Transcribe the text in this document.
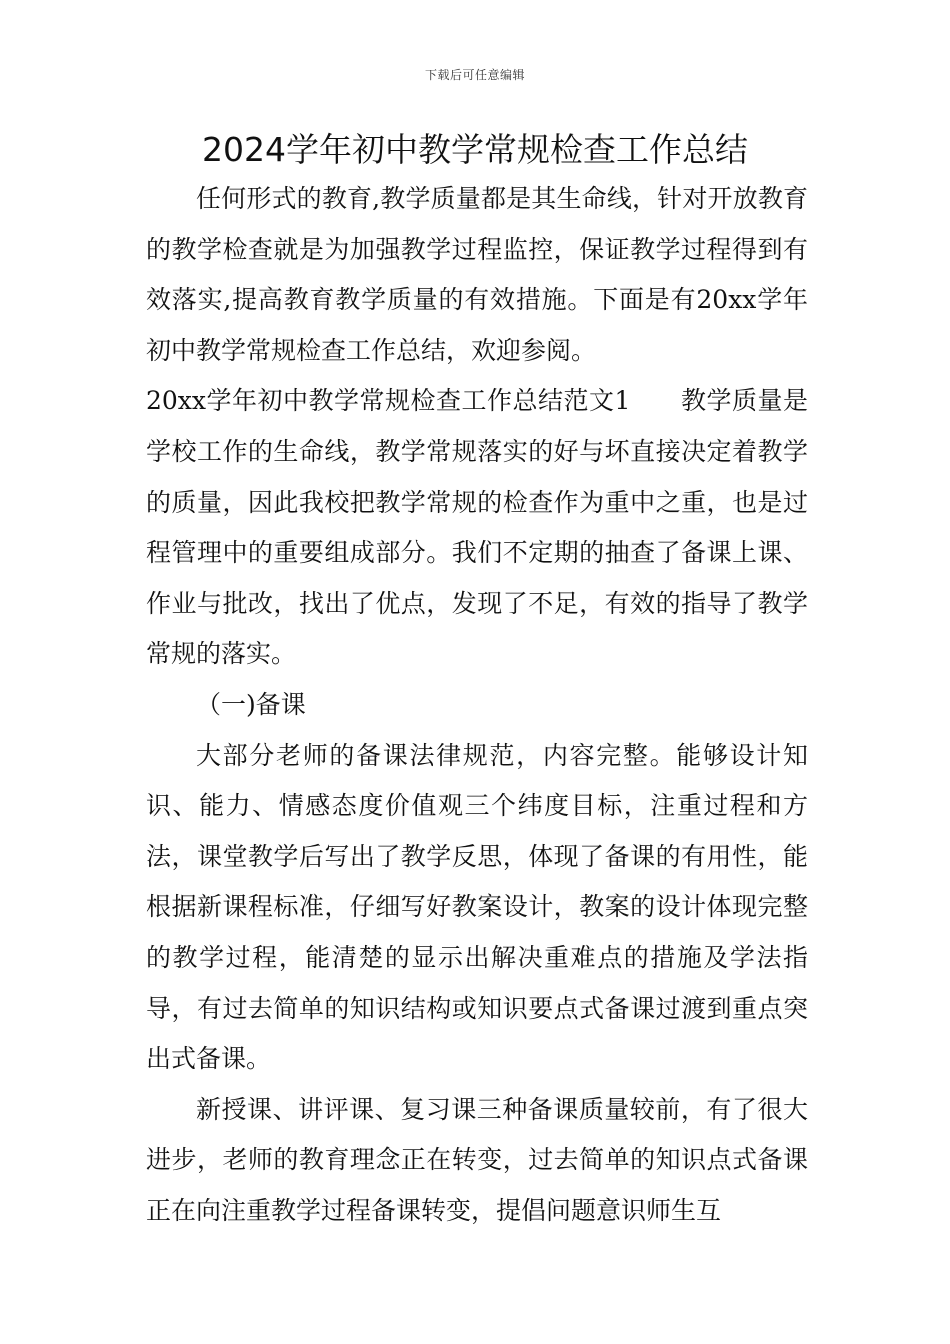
下载后可任意编辑
2024学年初中教学常规检查工作总结

任何形式的教育,教学质量都是其生命线，针对开放教育的教学检查就是为加强教学过程监控，保证教学过程得到有效落实,提高教育教学质量的有效措施。下面是有20xx学年初中教学常规检查工作总结，欢迎参阅。

20xx学年初中教学常规检查工作总结范文1 教学质量是学校工作的生命线，教学常规落实的好与坏直接决定着教学的质量，因此我校把教学常规的检查作为重中之重，也是过程管理中的重要组成部分。我们不定期的抽查了备课上课、作业与批改，找出了优点，发现了不足，有效的指导了教学常规的落实。

（一)备课

大部分老师的备课法律规范，内容完整。能够设计知识、能力、情感态度价值观三个纬度目标，注重过程和方法，课堂教学后写出了教学反思，体现了备课的有用性，能根据新课程标准，仔细写好教案设计，教案的设计体现完整的教学过程，能清楚的显示出解决重难点的措施及学法指导，有过去简单的知识结构或知识要点式备课过渡到重点突出式备课。

新授课、讲评课、复习课三种备课质量较前，有了很大进步，老师的教育理念正在转变，过去简单的知识点式备课正在向注重教学过程备课转变，提倡问题意识师生互
